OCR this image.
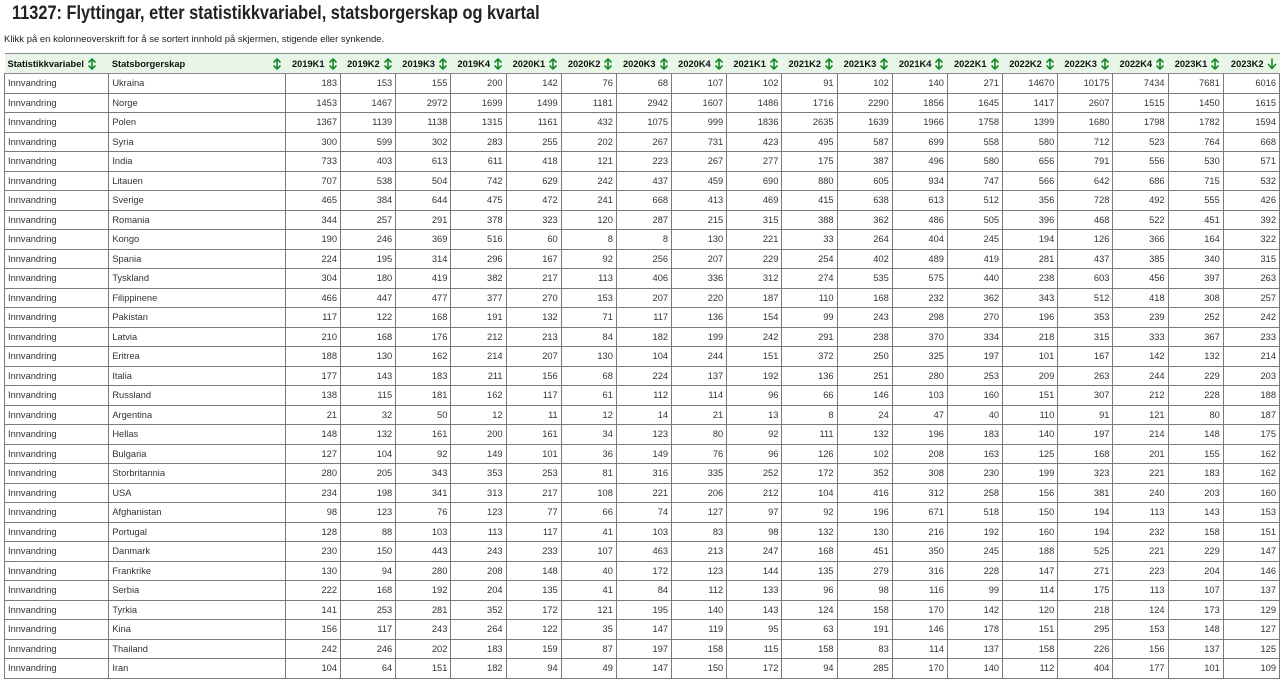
11327: Flyttingar, etter statistikkvariabel, statsborgerskap og kvartal
Klikk på en kolonneoverskrift for å se sortert innhold på skjermen, stigende eller synkende.
Statistikkvariabel	Statsborgerskap	2019K1	2019K2	2019K3	2019K4	2020K1	2020K2	2020K3	2020K4	2021K1	2021K2	2021K3	2021K4	2022K1	2022K2	2022K3	2022K4	2023K1	2023K2

Innvandring	Ukraina	183	153	155	200	142	76	68	107	102	91	102	140	271	14670	10175	7434	7681	6016
Innvandring	Norge	1453	1467	2972	1699	1499	1181	2942	1607	1486	1716	2290	1856	1645	1417	2607	1515	1450	1615
Innvandring	Polen	1367	1139	1138	1315	1161	432	1075	999	1836	2635	1639	1966	1758	1399	1680	1798	1782	1594
Innvandring	Syria	300	599	302	283	255	202	267	731	423	495	587	699	558	580	712	523	764	668
Innvandring	India	733	403	613	611	418	121	223	267	277	175	387	496	580	656	791	556	530	571
Innvandring	Litauen	707	538	504	742	629	242	437	459	690	880	605	934	747	566	642	686	715	532
Innvandring	Sverige	465	384	644	475	472	241	668	413	469	415	638	613	512	356	728	492	555	426
Innvandring	Romania	344	257	291	378	323	120	287	215	315	388	362	486	505	396	468	522	451	392
Innvandring	Kongo	190	246	369	516	60	8	8	130	221	33	264	404	245	194	126	366	164	322
Innvandring	Spania	224	195	314	296	167	92	256	207	229	254	402	489	419	281	437	385	340	315
Innvandring	Tyskland	304	180	419	382	217	113	406	336	312	274	535	575	440	238	603	456	397	263
Innvandring	Filippinene	466	447	477	377	270	153	207	220	187	110	168	232	362	343	512	418	308	257
Innvandring	Pakistan	117	122	168	191	132	71	117	136	154	99	243	298	270	196	353	239	252	242
Innvandring	Latvia	210	168	176	212	213	84	182	199	242	291	238	370	334	218	315	333	367	233
Innvandring	Eritrea	188	130	162	214	207	130	104	244	151	372	250	325	197	101	167	142	132	214
Innvandring	Italia	177	143	183	211	156	68	224	137	192	136	251	280	253	209	263	244	229	203
Innvandring	Russland	138	115	181	162	117	61	112	114	96	66	146	103	160	151	307	212	228	188
Innvandring	Argentina	21	32	50	12	11	12	14	21	13	8	24	47	40	110	91	121	80	187
Innvandring	Hellas	148	132	161	200	161	34	123	80	92	111	132	196	183	140	197	214	148	175
Innvandring	Bulgaria	127	104	92	149	101	36	149	76	96	126	102	208	163	125	168	201	155	162
Innvandring	Storbritannia	280	205	343	353	253	81	316	335	252	172	352	308	230	199	323	221	183	162
Innvandring	USA	234	198	341	313	217	108	221	206	212	104	416	312	258	156	381	240	203	160
Innvandring	Afghanistan	98	123	76	123	77	66	74	127	97	92	196	671	518	150	194	113	143	153
Innvandring	Portugal	128	88	103	113	117	41	103	83	98	132	130	216	192	160	194	232	158	151
Innvandring	Danmark	230	150	443	243	233	107	463	213	247	168	451	350	245	188	525	221	229	147
Innvandring	Frankrike	130	94	280	208	148	40	172	123	144	135	279	316	228	147	271	223	204	146
Innvandring	Serbia	222	168	192	204	135	41	84	112	133	96	98	116	99	114	175	113	107	137
Innvandring	Tyrkia	141	253	281	352	172	121	195	140	143	124	158	170	142	120	218	124	173	129
Innvandring	Kina	156	117	243	264	122	35	147	119	95	63	191	146	178	151	295	153	148	127
Innvandring	Thailand	242	246	202	183	159	87	197	158	115	158	83	114	137	158	226	156	137	125
Innvandring	Iran	104	64	151	182	94	49	147	150	172	94	285	170	140	112	404	177	101	109
